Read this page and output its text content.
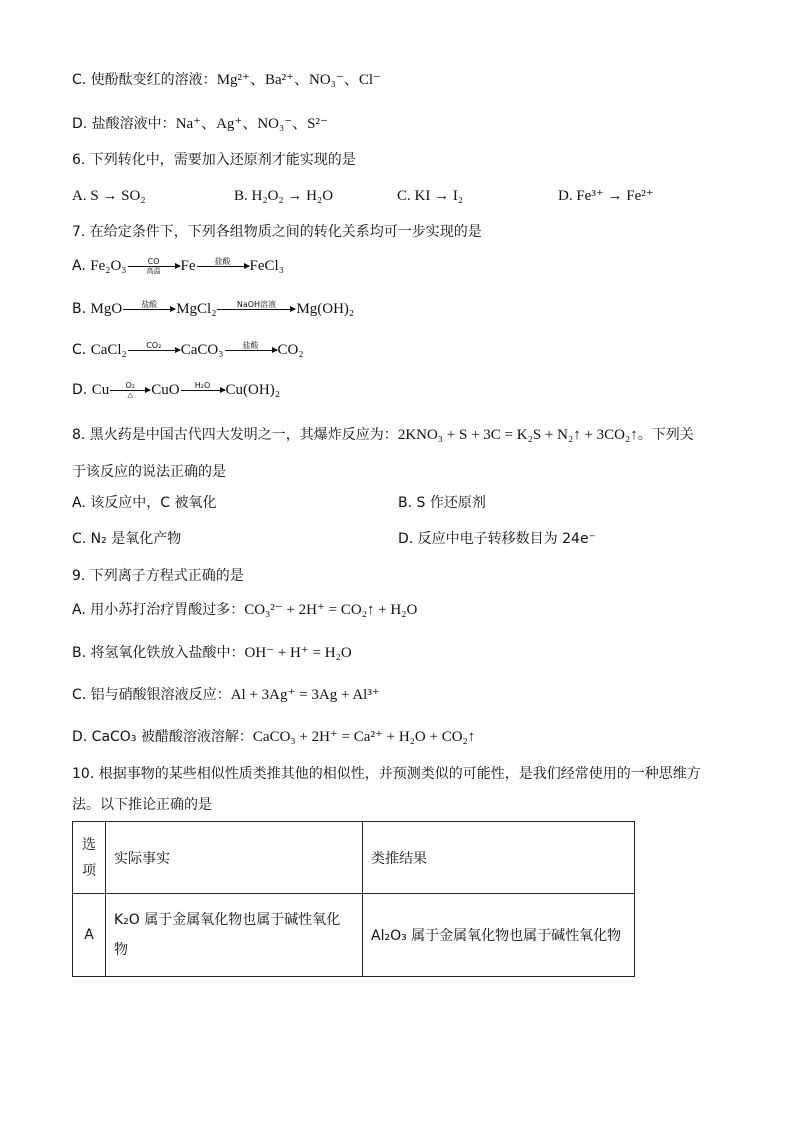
C. 使酚酞变红的溶液：Mg²⁺、Ba²⁺、NO₃⁻、Cl⁻
D. 盐酸溶液中：Na⁺、Ag⁺、NO₃⁻、S²⁻
6. 下列转化中，需要加入还原剂才能实现的是
A. S → SO₂	B. H₂O₂ → H₂O	C. KI → I₂	D. Fe³⁺ → Fe²⁺
7. 在给定条件下，下列各组物质之间的转化关系均可一步实现的是
A. Fe₂O₃	CO
高温	Fe	盐酸	FeCl₃
B. MgO	盐酸	MgCl₂	NaOH溶液	Mg(OH)₂
C. CaCl₂	CO₂	CaCO₃	盐酸	CO₂
D. Cu	O₂
△	CuO	H₂O	Cu(OH)₂
8. 黑火药是中国古代四大发明之一，其爆炸反应为：2KNO₃ + S + 3C = K₂S + N₂↑ + 3CO₂↑。下列关
于该反应的说法正确的是
A. 该反应中，C 被氧化	B. S 作还原剂
C. N₂ 是氧化产物	D. 反应中电子转移数目为 24e⁻
9. 下列离子方程式正确的是
A. 用小苏打治疗胃酸过多：CO₃²⁻ + 2H⁺ = CO₂↑ + H₂O
B. 将氢氧化铁放入盐酸中：OH⁻ + H⁺ = H₂O
C. 铝与硝酸银溶液反应：Al + 3Ag⁺ = 3Ag + Al³⁺
D. CaCO₃ 被醋酸溶液溶解：CaCO₃ + 2H⁺ = Ca²⁺ + H₂O + CO₂↑
10. 根据事物的某些相似性质类推其他的相似性，并预测类似的可能性，是我们经常使用的一种思维方
法。以下推论正确的是
选项	实际事实	类推结果
A	K₂O 属于金属氧化物也属于碱性氧化物	Al₂O₃ 属于金属氧化物也属于碱性氧化物
